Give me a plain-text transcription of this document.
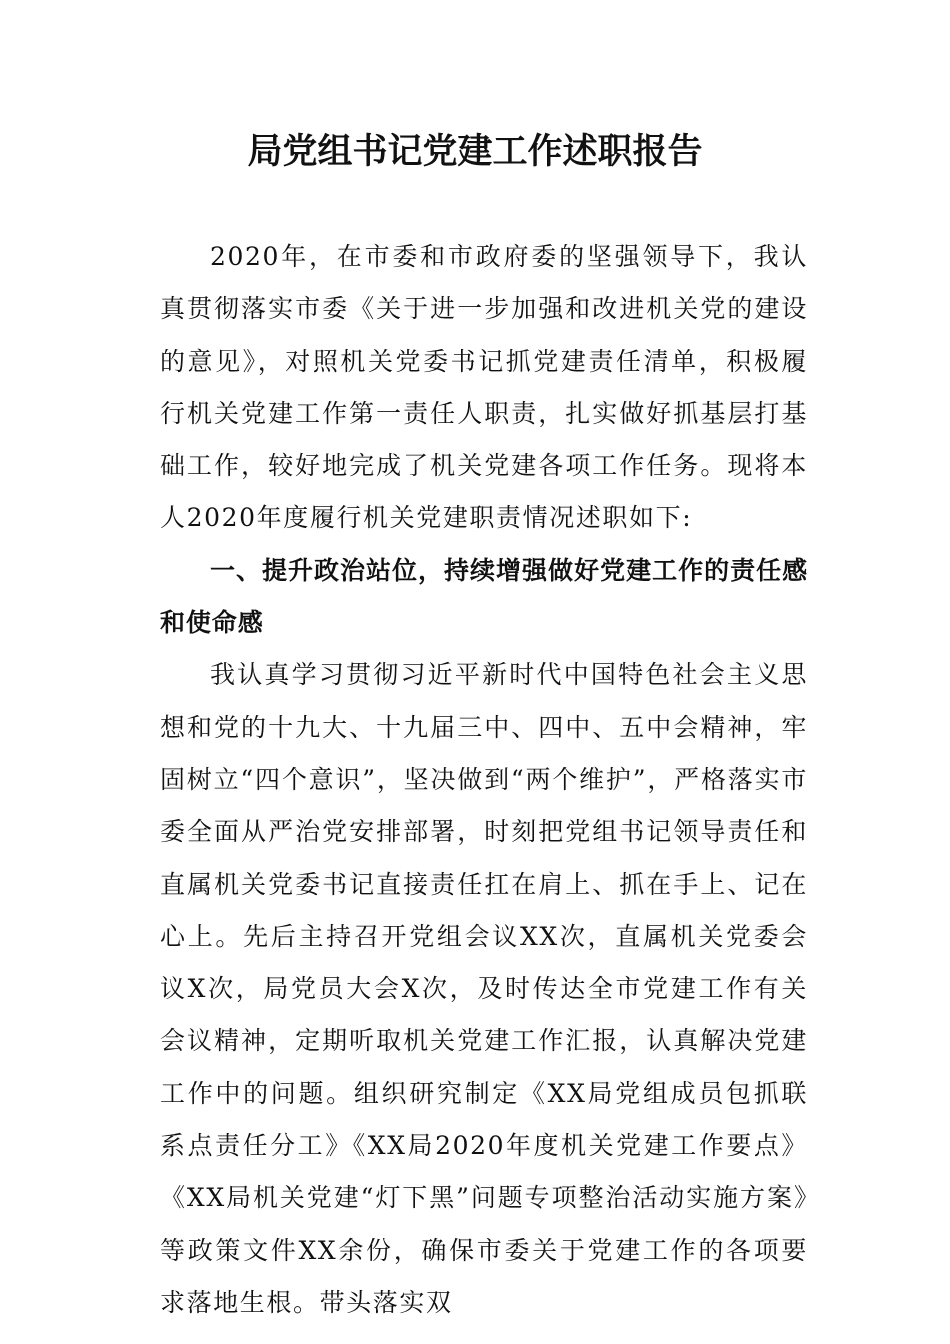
局党组书记党建工作述职报告

2020年，在市委和市政府委的坚强领导下，我认真贯彻落实市委《关于进一步加强和改进机关党的建设的意见》，对照机关党委书记抓党建责任清单，积极履行机关党建工作第一责任人职责，扎实做好抓基层打基础工作，较好地完成了机关党建各项工作任务。现将本人2020年度履行机关党建职责情况述职如下:

一、提升政治站位，持续增强做好党建工作的责任感和使命感

我认真学习贯彻习近平新时代中国特色社会主义思想和党的十九大、十九届三中、四中、五中会精神，牢固树立“四个意识”，坚决做到“两个维护”，严格落实市委全面从严治党安排部署，时刻把党组书记领导责任和直属机关党委书记直接责任扛在肩上、抓在手上、记在心上。先后主持召开党组会议XX次，直属机关党委会议X次，局党员大会X次，及时传达全市党建工作有关会议精神，定期听取机关党建工作汇报，认真解决党建工作中的问题。组织研究制定《XX局党组成员包抓联系点责任分工》《XX局2020年度机关党建工作要点》《XX局机关党建“灯下黑”问题专项整治活动实施方案》等政策文件XX余份，确保市委关于党建工作的各项要求落地生根。带头落实双
